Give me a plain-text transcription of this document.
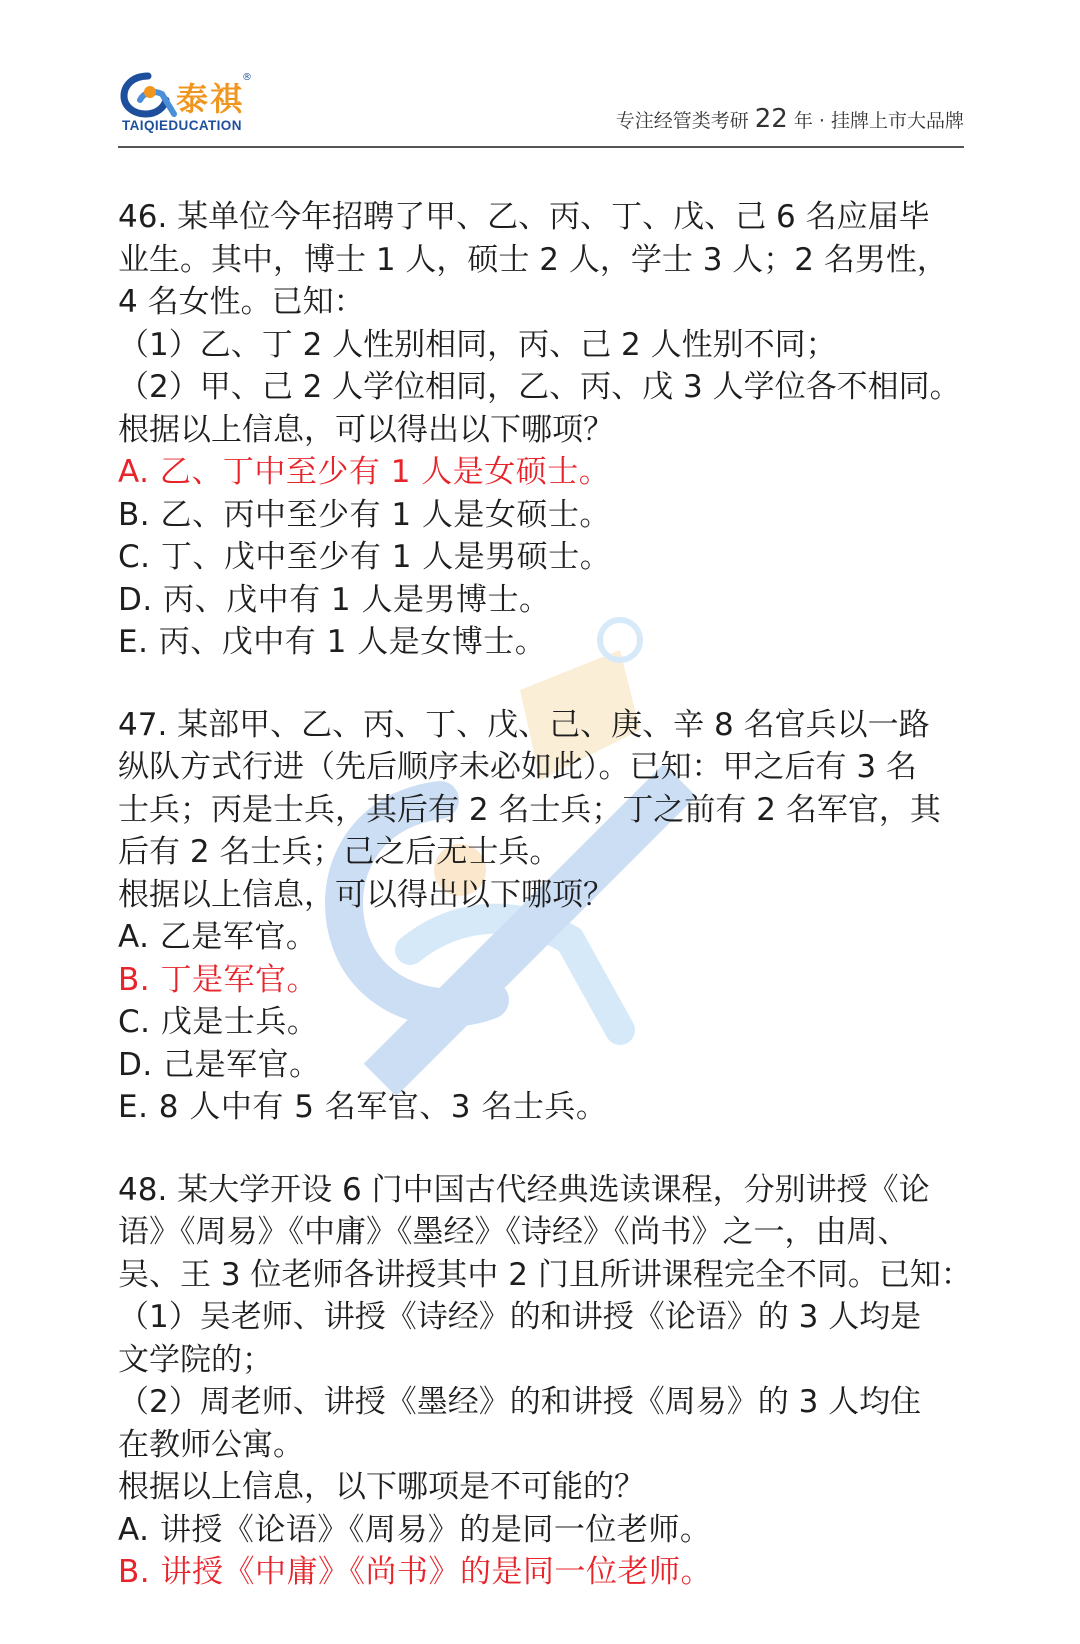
泰祺
®
TAIQIEDUCATION	专注经管类考研 22 年 · 挂牌上市大品牌
46. 某单位今年招聘了甲、乙、丙、丁、戊、己 6 名应届毕
业生。其中，博士 1 人，硕士 2 人，学士 3 人；2 名男性，
4 名女性。已知：
（1）乙、丁 2 人性别相同，丙、己 2 人性别不同；
（2）甲、己 2 人学位相同，乙、丙、戊 3 人学位各不相同。
根据以上信息，可以得出以下哪项？
A. 乙、丁中至少有 1 人是女硕士。
B. 乙、丙中至少有 1 人是女硕士。
C. 丁、戊中至少有 1 人是男硕士。
D. 丙、戊中有 1 人是男博士。
E. 丙、戊中有 1 人是女博士。
47. 某部甲、乙、丙、丁、戊、己、庚、辛 8 名官兵以一路
纵队方式行进（先后顺序未必如此）。已知：甲之后有 3 名
士兵；丙是士兵，其后有 2 名士兵；丁之前有 2 名军官，其
后有 2 名士兵；己之后无士兵。
根据以上信息，可以得出以下哪项？
A. 乙是军官。
B. 丁是军官。
C. 戊是士兵。
D. 己是军官。
E. 8 人中有 5 名军官、3 名士兵。
48. 某大学开设 6 门中国古代经典选读课程，分别讲授《论
语》《周易》《中庸》《墨经》《诗经》《尚书》之一，由周、
吴、王 3 位老师各讲授其中 2 门且所讲课程完全不同。已知：
（1）吴老师、讲授《诗经》的和讲授《论语》的 3 人均是
文学院的；
（2）周老师、讲授《墨经》的和讲授《周易》的 3 人均住
在教师公寓。
根据以上信息，以下哪项是不可能的？
A. 讲授《论语》《周易》的是同一位老师。
B. 讲授《中庸》《尚书》的是同一位老师。
